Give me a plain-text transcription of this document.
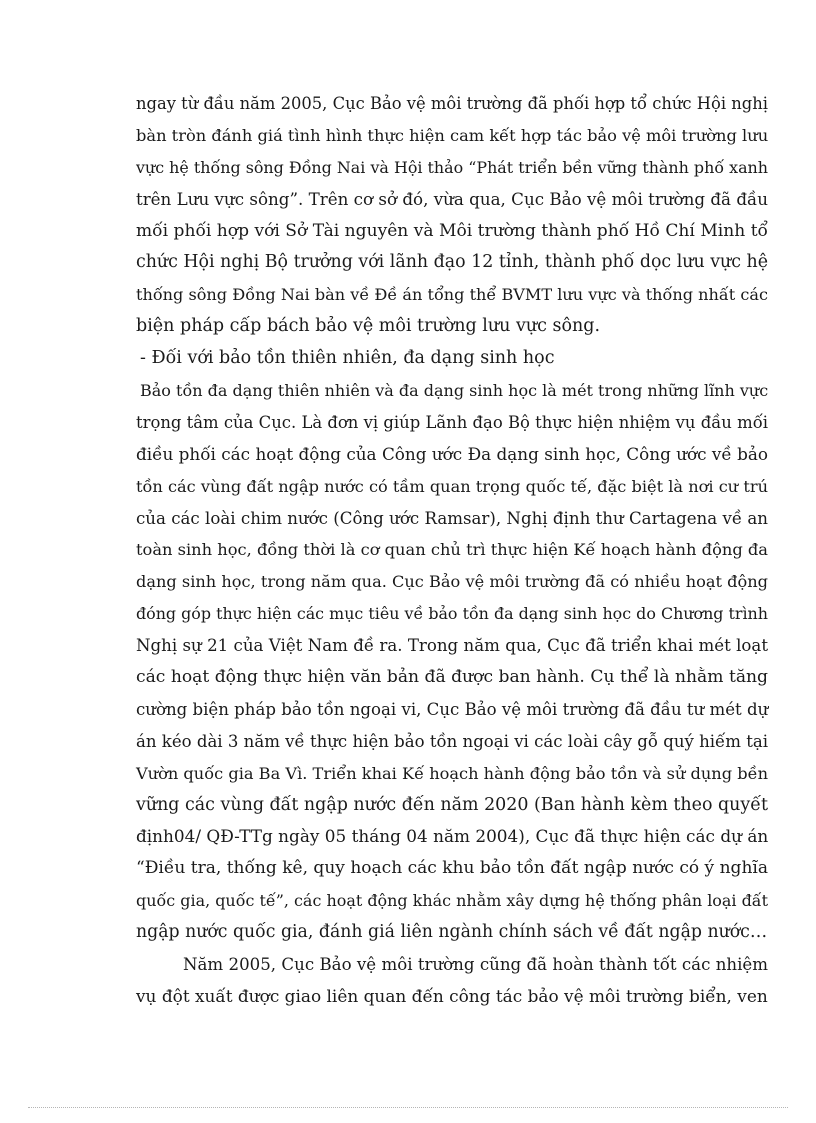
ngay từ đầu năm 2005, Cục Bảo vệ môi trường đã phối hợp tổ chức Hội nghị
bàn tròn đánh giá tình hình thực hiện cam kết hợp tác bảo vệ môi trường lưu
vực hệ thống sông Đồng Nai và Hội thảo “Phát triển bền vững thành phố xanh
trên Lưu vực sông”. Trên cơ sở đó, vừa qua, Cục Bảo vệ môi trường đã đầu
mối phối hợp với Sở Tài nguyên và Môi trường thành phố Hồ Chí Minh tổ
chức Hội nghị Bộ trưởng với lãnh đạo 12 tỉnh, thành phố dọc lưu vực hệ
thống sông Đồng Nai bàn về Đề án tổng thể BVMT lưu vực và thống nhất các
biện pháp cấp bách bảo vệ môi trường lưu vực sông.
- Đối với bảo tồn thiên nhiên, đa dạng sinh học
Bảo tồn đa dạng thiên nhiên và đa dạng sinh học là mét trong những lĩnh vực
trọng tâm của Cục. Là đơn vị giúp Lãnh đạo Bộ thực hiện nhiệm vụ đầu mối
điều phối các hoạt động của Công ước Đa dạng sinh học, Công ước về bảo
tồn các vùng đất ngập nước có tầm quan trọng quốc tế, đặc biệt là nơi cư trú
của các loài chim nước (Công ước Ramsar), Nghị định thư Cartagena về an
toàn sinh học, đồng thời là cơ quan chủ trì thực hiện Kế hoạch hành động đa
dạng sinh học, trong năm qua. Cục Bảo vệ môi trường đã có nhiều hoạt động
đóng góp thực hiện các mục tiêu về bảo tồn đa dạng sinh học do Chương trình
Nghị sự 21 của Việt Nam đề ra. Trong năm qua, Cục đã triển khai mét loạt
các hoạt động thực hiện văn bản đã được ban hành. Cụ thể là nhằm tăng
cường biện pháp bảo tồn ngoại vi, Cục Bảo vệ môi trường đã đầu tư mét dự
án kéo dài 3 năm về thực hiện bảo tồn ngoại vi các loài cây gỗ quý hiếm tại
Vườn quốc gia Ba Vì. Triển khai Kế hoạch hành động bảo tồn và sử dụng bền
vững các vùng đất ngập nước đến năm 2020 (Ban hành kèm theo quyết
định04/ QĐ-TTg ngày 05 tháng 04 năm 2004), Cục đã thực hiện các dự án
“Điều tra, thống kê, quy hoạch các khu bảo tồn đất ngập nước có ý nghĩa
quốc gia, quốc tế”, các hoạt động khác nhằm xây dựng hệ thống phân loại đất
ngập nước quốc gia, đánh giá liên ngành chính sách về đất ngập nước…
Năm 2005, Cục Bảo vệ môi trường cũng đã hoàn thành tốt các nhiệm
vụ đột xuất được giao liên quan đến công tác bảo vệ môi trường biển, ven
